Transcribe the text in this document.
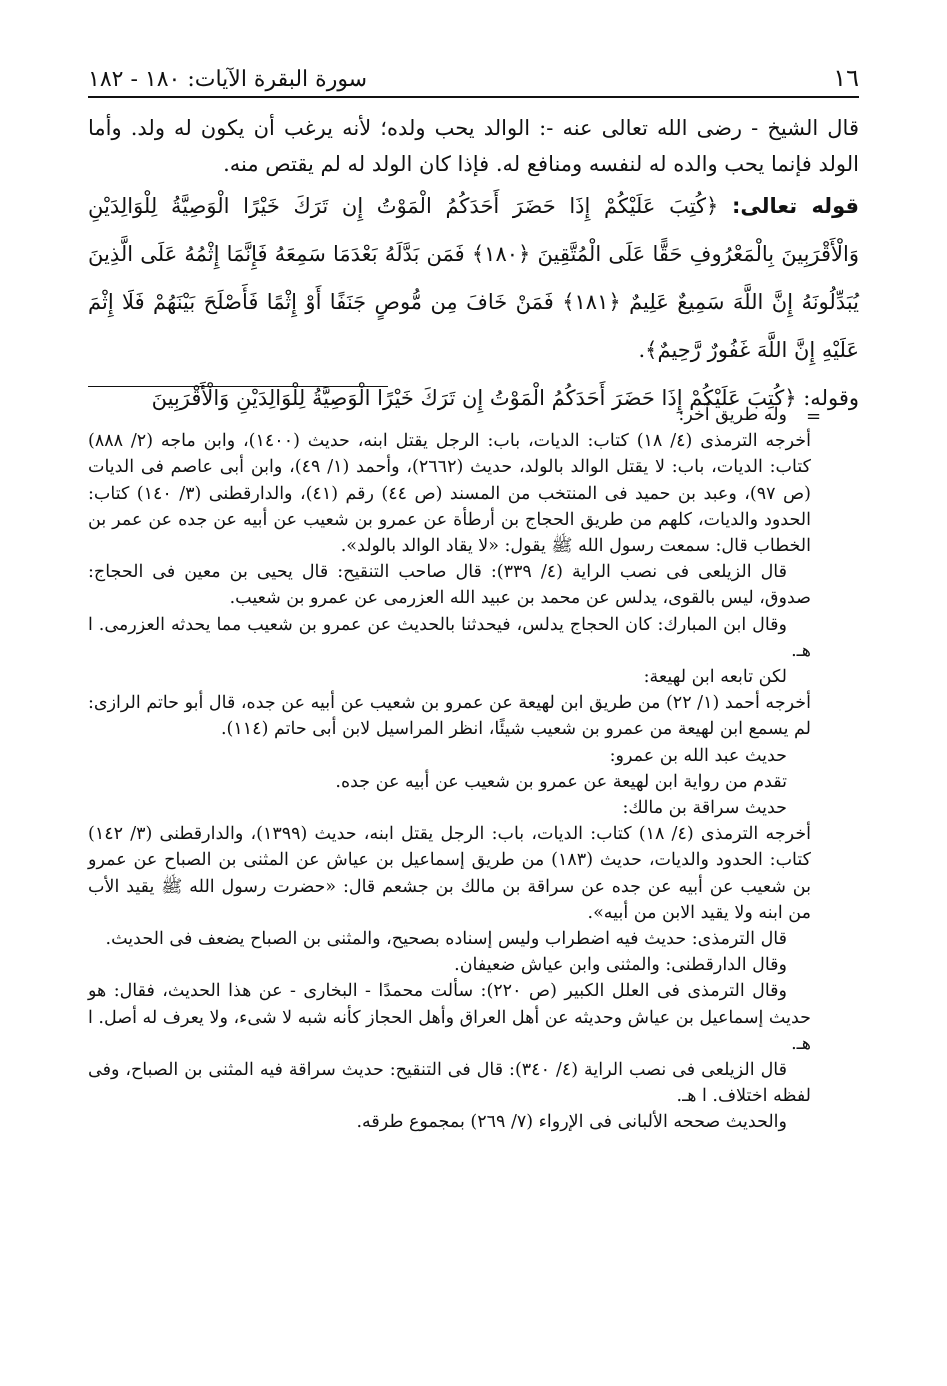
١٦
سورة البقرة الآيات: ١٨٠ - ١٨٢

قال الشيخ - رضى الله تعالى عنه -: الوالد يحب ولده؛ لأنه يرغب أن يكون له ولد. وأما الولد فإنما يحب والده له لنفسه ومنافع له. فإذا كان الولد له لم يقتص منه.

قوله تعالى: ﴿كُتِبَ عَلَيْكُمْ إِذَا حَضَرَ أَحَدَكُمُ الْمَوْتُ إِن تَرَكَ خَيْرًا الْوَصِيَّةُ لِلْوَالِدَيْنِ وَالْأَقْرَبِينَ بِالْمَعْرُوفِ حَقًّا عَلَى الْمُتَّقِينَ ﴿١٨٠﴾ فَمَن بَدَّلَهُ بَعْدَمَا سَمِعَهُ فَإِنَّمَا إِثْمُهُ عَلَى الَّذِينَ يُبَدِّلُونَهُ إِنَّ اللَّهَ سَمِيعٌ عَلِيمٌ ﴿١٨١﴾ فَمَنْ خَافَ مِن مُّوصٍ جَنَفًا أَوْ إِثْمًا فَأَصْلَحَ بَيْنَهُمْ فَلَا إِثْمَ عَلَيْهِ إِنَّ اللَّهَ غَفُورٌ رَّحِيمٌ﴾.

وقوله: ﴿كُتِبَ عَلَيْكُمْ إِذَا حَضَرَ أَحَدَكُمُ الْمَوْتُ إِن تَرَكَ خَيْرًا الْوَصِيَّةُ لِلْوَالِدَيْنِ وَالْأَقْرَبِينَ

=

وله طريق آخر:

أخرجه الترمذى (٤/ ١٨) كتاب: الديات، باب: الرجل يقتل ابنه، حديث (١٤٠٠)، وابن ماجه (٢/ ٨٨٨) كتاب: الديات، باب: لا يقتل الوالد بالولد، حديث (٢٦٦٢)، وأحمد (١/ ٤٩)، وابن أبى عاصم فى الديات (ص ٩٧)، وعبد بن حميد فى المنتخب من المسند (ص ٤٤) رقم (٤١)، والدارقطنى (٣/ ١٤٠) كتاب: الحدود والديات، كلهم من طريق الحجاج بن أرطأة عن عمرو بن شعيب عن أبيه عن جده عن عمر بن الخطاب قال: سمعت رسول الله ﷺ يقول: «لا يقاد الوالد بالولد».

قال الزيلعى فى نصب الراية (٤/ ٣٣٩): قال صاحب التنقيح: قال يحيى بن معين فى الحجاج: صدوق، ليس بالقوى، يدلس عن محمد بن عبيد الله العزرمى عن عمرو بن شعيب.

وقال ابن المبارك: كان الحجاج يدلس، فيحدثنا بالحديث عن عمرو بن شعيب مما يحدثه العزرمى. ا هـ.

لكن تابعه ابن لهيعة:

أخرجه أحمد (١/ ٢٢) من طريق ابن لهيعة عن عمرو بن شعيب عن أبيه عن جده، قال أبو حاتم الرازى: لم يسمع ابن لهيعة من عمرو بن شعيب شيئًا، انظر المراسيل لابن أبى حاتم (١١٤).

حديث عبد الله بن عمرو:

تقدم من رواية ابن لهيعة عن عمرو بن شعيب عن أبيه عن جده.

حديث سراقة بن مالك:

أخرجه الترمذى (٤/ ١٨) كتاب: الديات، باب: الرجل يقتل ابنه، حديث (١٣٩٩)، والدارقطنى (٣/ ١٤٢) كتاب: الحدود والديات، حديث (١٨٣) من طريق إسماعيل بن عياش عن المثنى بن الصباح عن عمرو بن شعيب عن أبيه عن جده عن سراقة بن مالك بن جشعم قال: «حضرت رسول الله ﷺ يقيد الأب من ابنه ولا يقيد الابن من أبيه».

قال الترمذى: حديث فيه اضطراب وليس إسناده بصحيح، والمثنى بن الصباح يضعف فى الحديث.

وقال الدارقطنى: والمثنى وابن عياش ضعيفان.

وقال الترمذى فى العلل الكبير (ص ٢٢٠): سألت محمدًا - البخارى - عن هذا الحديث، فقال: هو حديث إسماعيل بن عياش وحديثه عن أهل العراق وأهل الحجاز كأنه شبه لا شىء، ولا يعرف له أصل. ا هـ.

قال الزيلعى فى نصب الراية (٤/ ٣٤٠): قال فى التنقيح: حديث سراقة فيه المثنى بن الصباح، وفى لفظه اختلاف. ا هـ.

والحديث صححه الألبانى فى الإرواء (٧/ ٢٦٩) بمجموع طرقه.
